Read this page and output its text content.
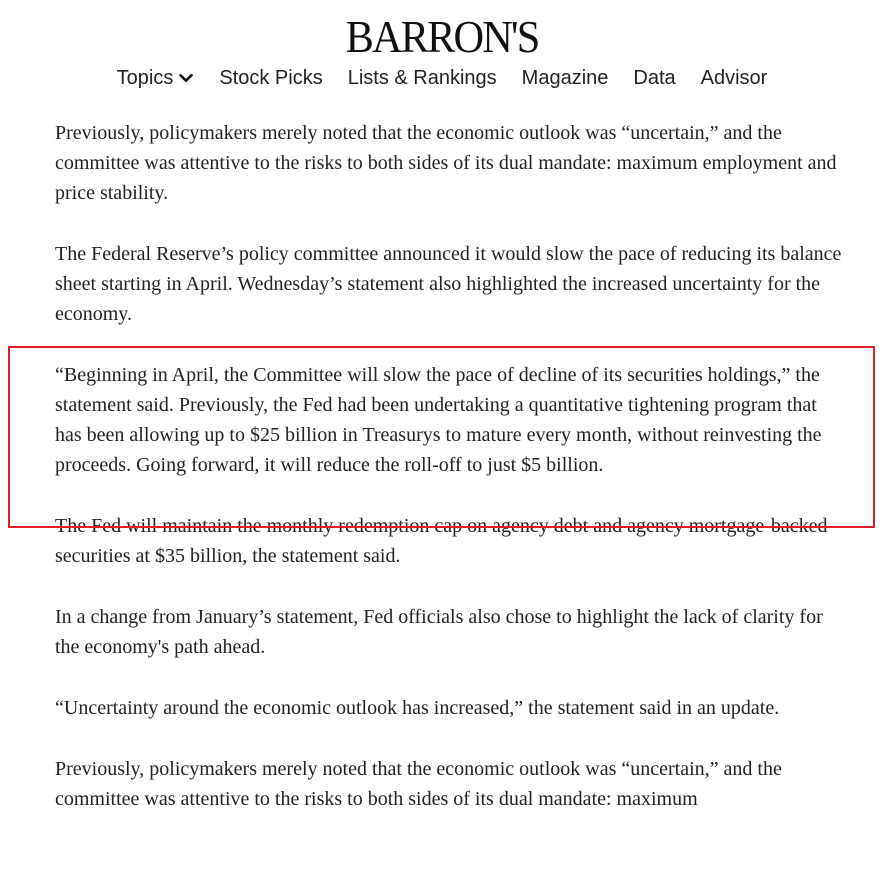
BARRON'S
Topics Stock Picks Lists & Rankings Magazine Data Advisor

Previously, policymakers merely noted that the economic outlook was “uncertain,” and the committee was attentive to the risks to both sides of its dual mandate: maximum employment and price stability.

The Federal Reserve’s policy committee announced it would slow the pace of reducing its balance sheet starting in April. Wednesday’s statement also highlighted the increased uncertainty for the economy.

“Beginning in April, the Committee will slow the pace of decline of its securities holdings,” the statement said. Previously, the Fed had been undertaking a quantitative tightening program that has been allowing up to $25 billion in Treasurys to mature every month, without reinvesting the proceeds. Going forward, it will reduce the roll-off to just $5 billion.

The Fed will maintain the monthly redemption cap on agency debt and agency mortgage-backed securities at $35 billion, the statement said.

In a change from January’s statement, Fed officials also chose to highlight the lack of clarity for the economy's path ahead.

“Uncertainty around the economic outlook has increased,” the statement said in an update.

Previously, policymakers merely noted that the economic outlook was “uncertain,” and the committee was attentive to the risks to both sides of its dual mandate: maximum
